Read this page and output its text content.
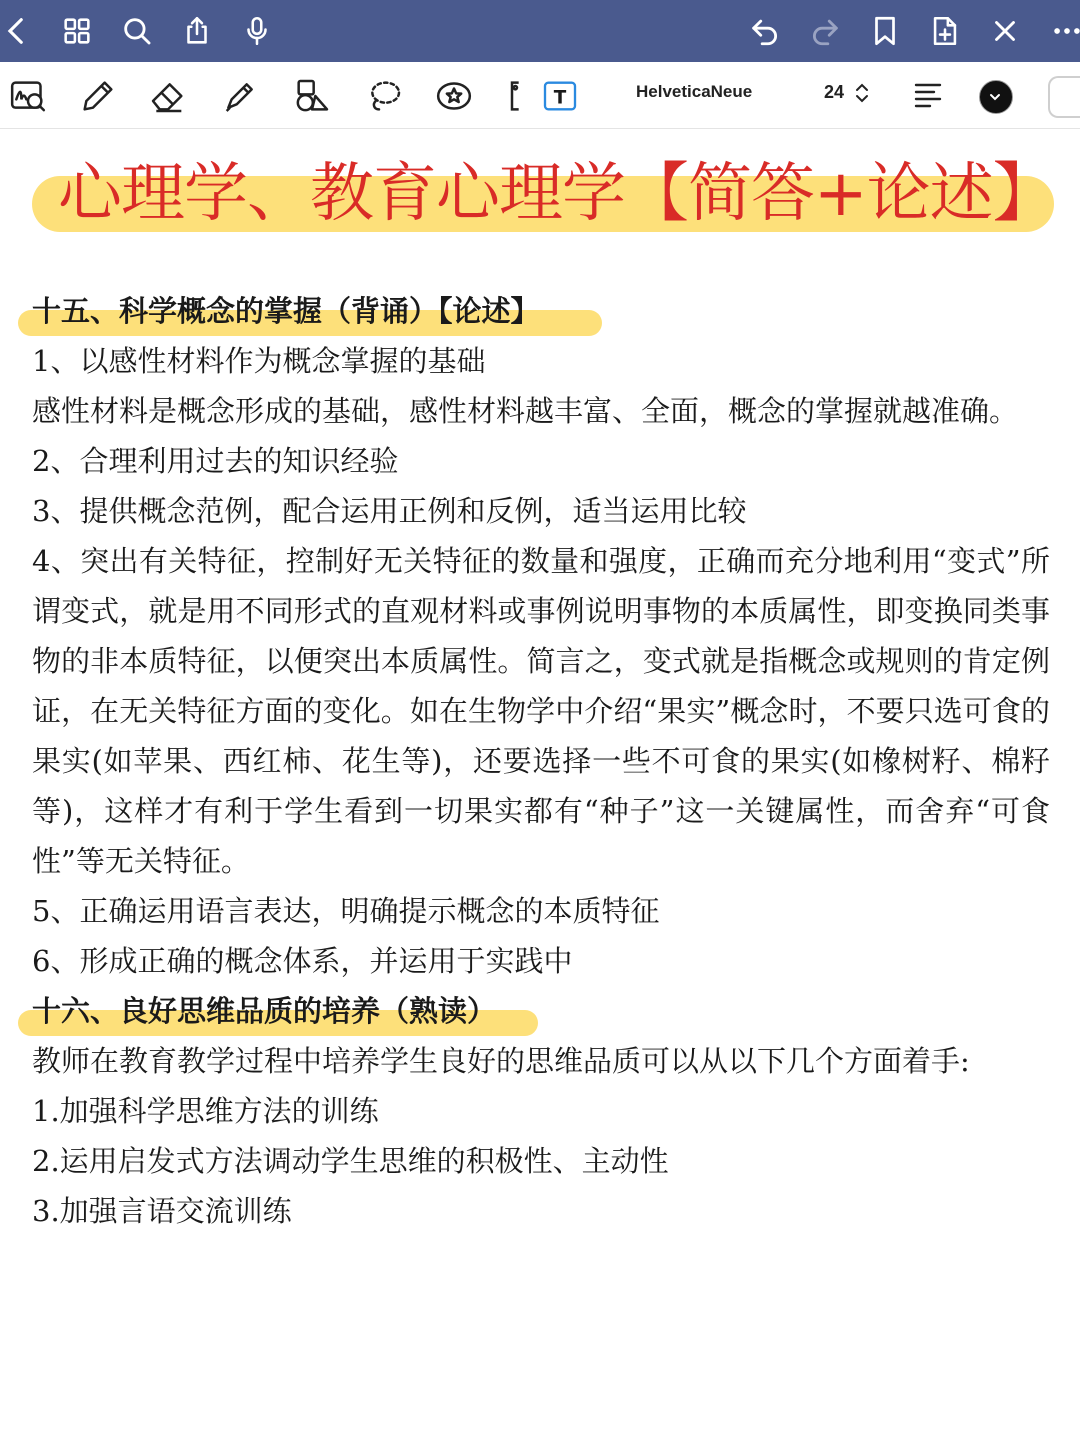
T	HelveticaNeue	24
心理学、教育心理学【简答+论述】
十五、科学概念的掌握（背诵）【论述】
1、以感性材料作为概念掌握的基础
感性材料是概念形成的基础，感性材料越丰富、全面，概念的掌握就越准确。
2、合理利用过去的知识经验
3、提供概念范例，配合运用正例和反例，适当运用比较
4、突出有关特征，控制好无关特征的数量和强度，正确而充分地利用“变式”所谓变式，就是用不同形式的直观材料或事例说明事物的本质属性，即变换同类事物的非本质特征，以便突出本质属性。简言之，变式就是指概念或规则的肯定例证，在无关特征方面的变化。如在生物学中介绍“果实”概念时，不要只选可食的果实(如苹果、西红柿、花生等)，还要选择一些不可食的果实(如橡树籽、棉籽等)，这样才有利于学生看到一切果实都有“种子”这一关键属性，而舍弃“可食性”等无关特征。
5、正确运用语言表达，明确提示概念的本质特征
6、形成正确的概念体系，并运用于实践中
十六、良好思维品质的培养（熟读）
教师在教育教学过程中培养学生良好的思维品质可以从以下几个方面着手:
1.加强科学思维方法的训练
2.运用启发式方法调动学生思维的积极性、主动性
3.加强言语交流训练
